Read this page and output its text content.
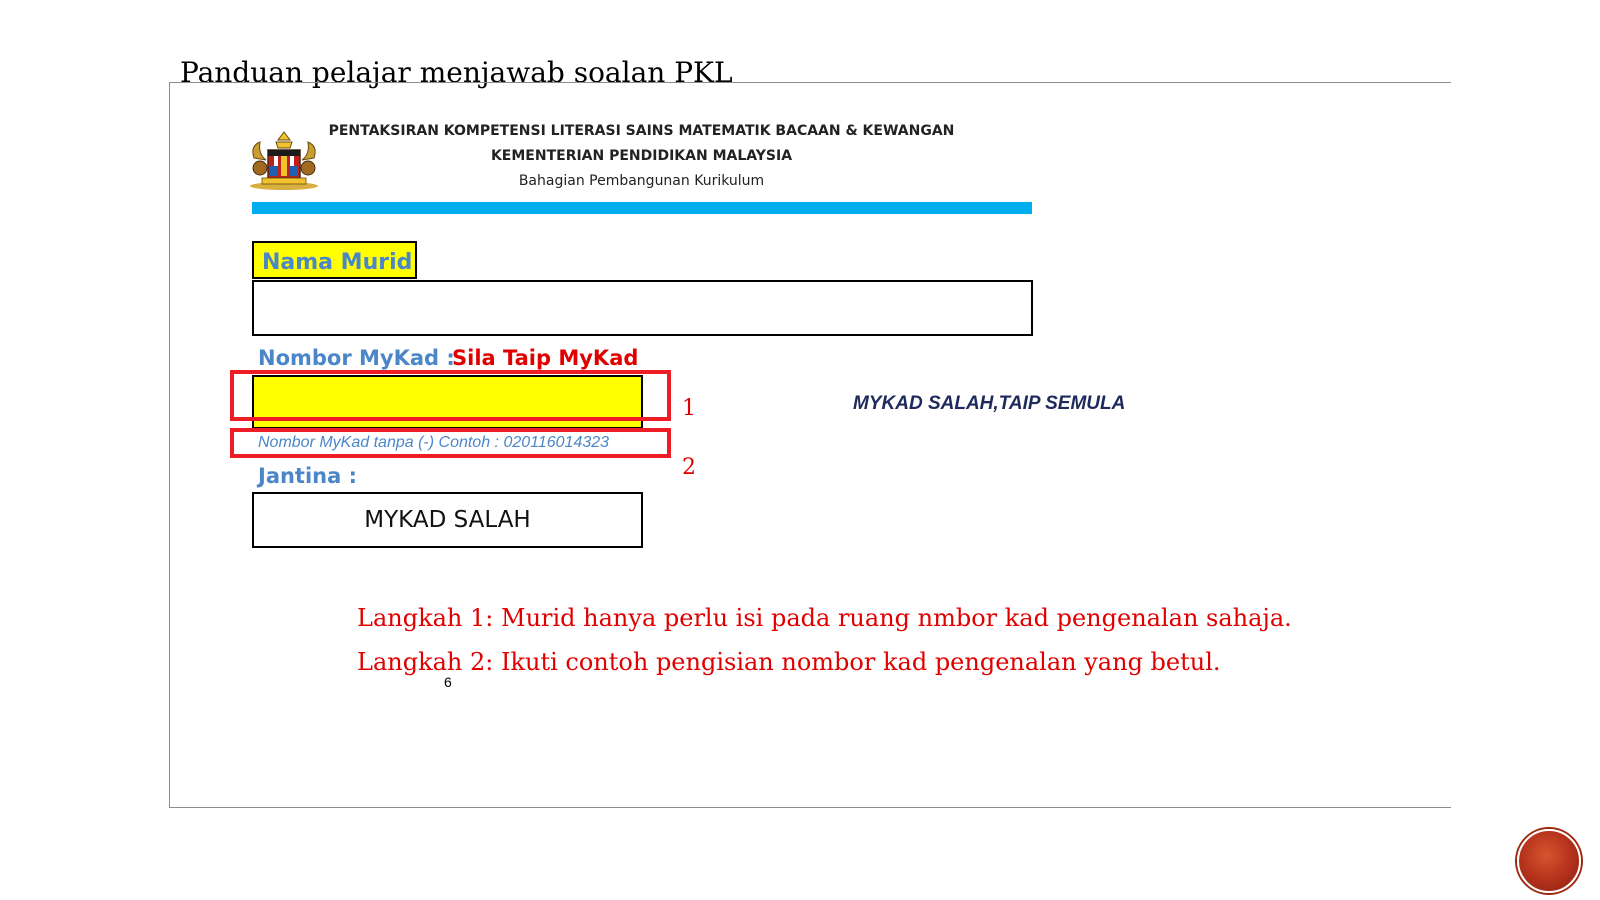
Panduan pelajar menjawab soalan PKL
PENTAKSIRAN KOMPETENSI LITERASI SAINS MATEMATIK BACAAN & KEWANGAN
KEMENTERIAN PENDIDIKAN MALAYSIA
Bahagian Pembangunan Kurikulum
Nama Murid
Nombor MyKad :
Sila Taip MyKad
Nombor MyKad tanpa (-) Contoh : 020116014323
1
2
Jantina :
MYKAD SALAH
MYKAD SALAH,TAIP SEMULA
Langkah 1: Murid hanya perlu isi pada ruang nmbor kad pengenalan sahaja.
Langkah 2: Ikuti contoh pengisian nombor kad pengenalan yang betul.
6
